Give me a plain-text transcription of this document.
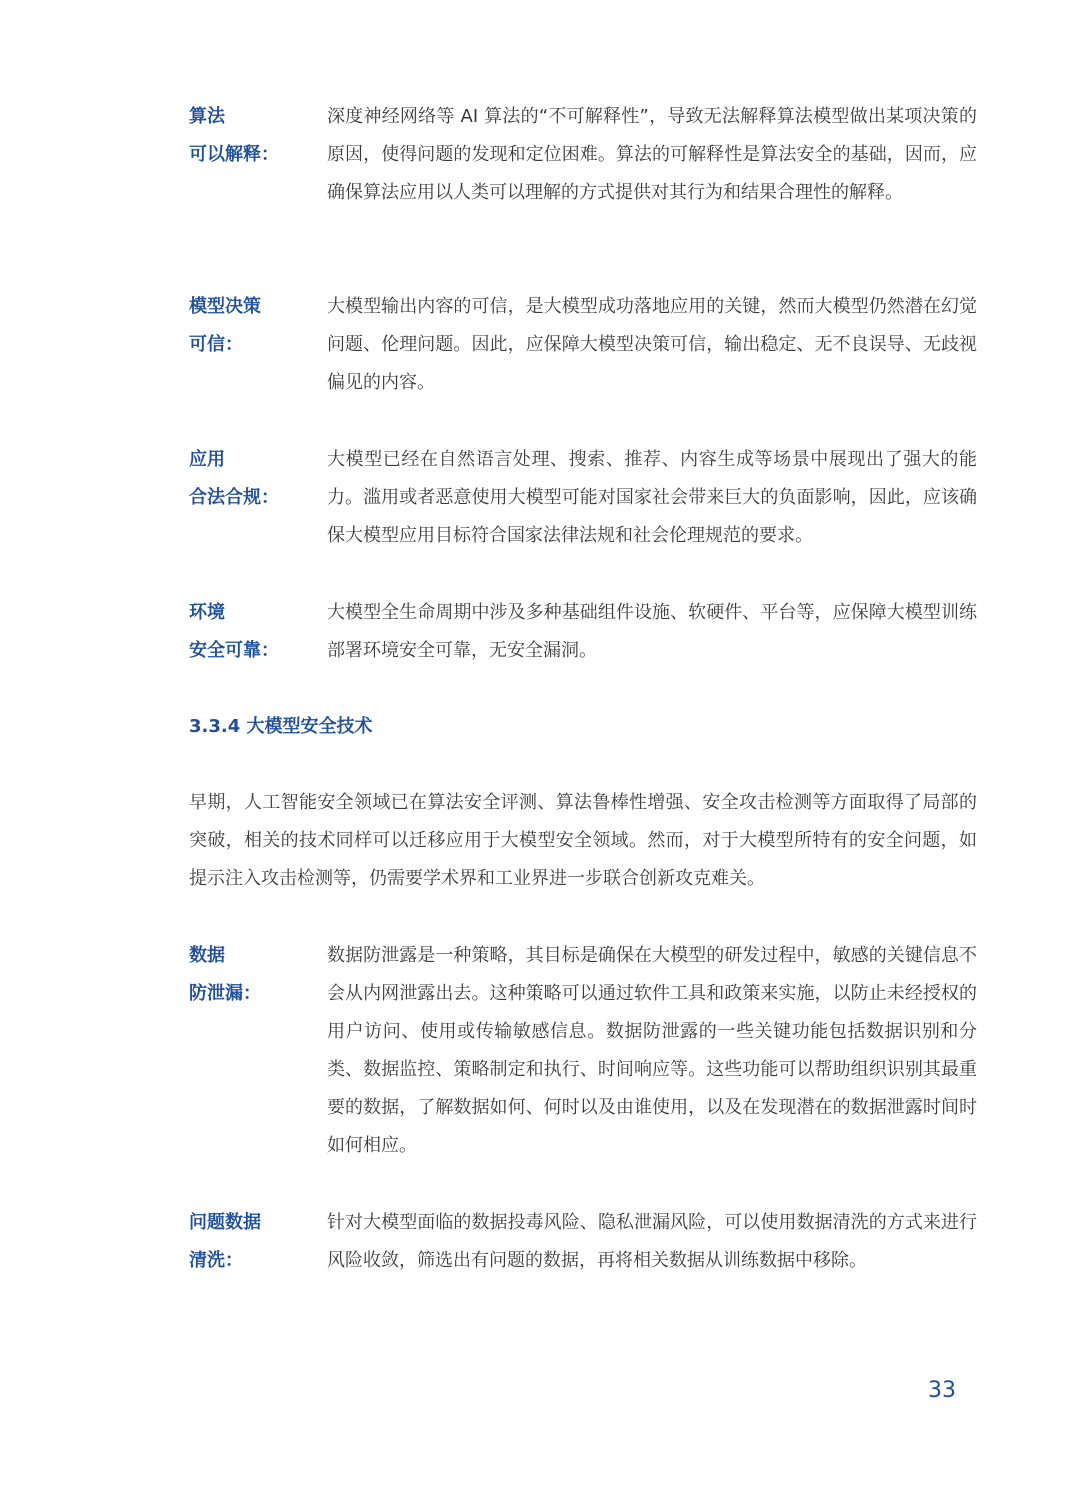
算法
可以解释：
深度神经网络等 AI 算法的“不可解释性”，导致无法解释算法模型做出某项决策的原因，使得问题的发现和定位困难。算法的可解释性是算法安全的基础，因而，应确保算法应用以人类可以理解的方式提供对其行为和结果合理性的解释。
模型决策
可信：
大模型输出内容的可信，是大模型成功落地应用的关键，然而大模型仍然潜在幻觉问题、伦理问题。因此，应保障大模型决策可信，输出稳定、无不良误导、无歧视偏见的内容。
应用
合法合规：
大模型已经在自然语言处理、搜索、推荐、内容生成等场景中展现出了强大的能力。滥用或者恶意使用大模型可能对国家社会带来巨大的负面影响，因此，应该确保大模型应用目标符合国家法律法规和社会伦理规范的要求。
环境
安全可靠：
大模型全生命周期中涉及多种基础组件设施、软硬件、平台等，应保障大模型训练部署环境安全可靠，无安全漏洞。
3.3.4 大模型安全技术
早期，人工智能安全领域已在算法安全评测、算法鲁棒性增强、安全攻击检测等方面取得了局部的突破，相关的技术同样可以迁移应用于大模型安全领域。然而，对于大模型所特有的安全问题，如提示注入攻击检测等，仍需要学术界和工业界进一步联合创新攻克难关。
数据
防泄漏：
数据防泄露是一种策略，其目标是确保在大模型的研发过程中，敏感的关键信息不会从内网泄露出去。这种策略可以通过软件工具和政策来实施，以防止未经授权的用户访问、使用或传输敏感信息。数据防泄露的一些关键功能包括数据识别和分类、数据监控、策略制定和执行、时间响应等。这些功能可以帮助组织识别其最重要的数据，了解数据如何、何时以及由谁使用，以及在发现潜在的数据泄露时间时如何相应。
问题数据
清洗：
针对大模型面临的数据投毒风险、隐私泄漏风险，可以使用数据清洗的方式来进行风险收敛，筛选出有问题的数据，再将相关数据从训练数据中移除。
33
